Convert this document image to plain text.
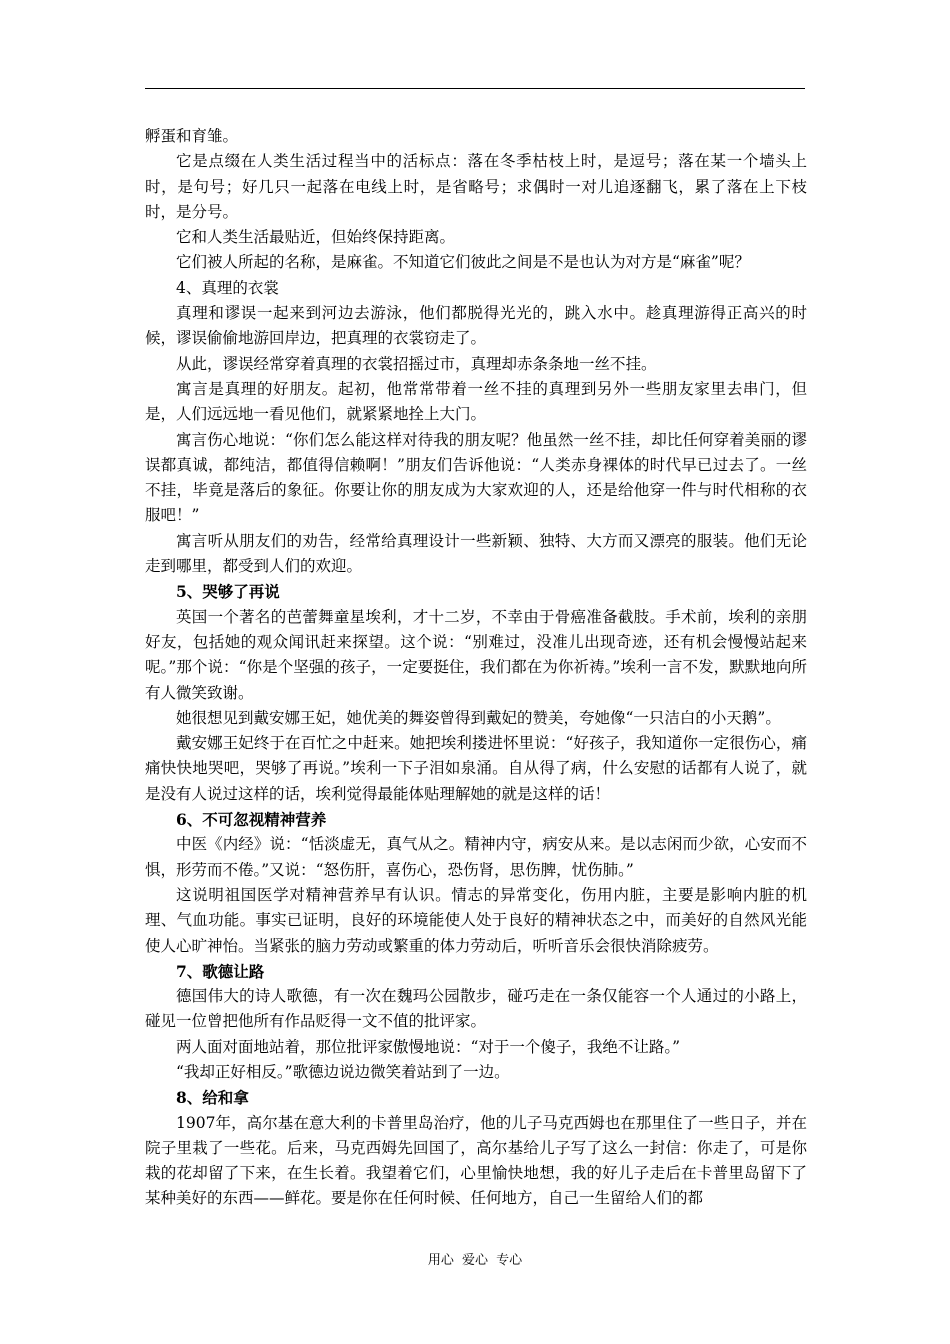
孵蛋和育雏。

它是点缀在人类生活过程当中的活标点：落在冬季枯枝上时，是逗号；落在某一个墙头上时，是句号；好几只一起落在电线上时，是省略号；求偶时一对儿追逐翻飞，累了落在上下枝时，是分号。

它和人类生活最贴近，但始终保持距离。

它们被人所起的名称，是麻雀。不知道它们彼此之间是不是也认为对方是“麻雀”呢？

4、真理的衣裳

真理和谬误一起来到河边去游泳，他们都脱得光光的，跳入水中。趁真理游得正高兴的时候，谬误偷偷地游回岸边，把真理的衣裳窃走了。

从此，谬误经常穿着真理的衣裳招摇过市，真理却赤条条地一丝不挂。

寓言是真理的好朋友。起初，他常常带着一丝不挂的真理到另外一些朋友家里去串门，但是，人们远远地一看见他们，就紧紧地拴上大门。

寓言伤心地说：“你们怎么能这样对待我的朋友呢？他虽然一丝不挂，却比任何穿着美丽的谬误都真诚，都纯洁，都值得信赖啊！”朋友们告诉他说：“人类赤身裸体的时代早已过去了。一丝不挂，毕竟是落后的象征。你要让你的朋友成为大家欢迎的人，还是给他穿一件与时代相称的衣服吧！”

寓言听从朋友们的劝告，经常给真理设计一些新颖、独特、大方而又漂亮的服装。他们无论走到哪里，都受到人们的欢迎。

5、哭够了再说

英国一个著名的芭蕾舞童星埃利，才十二岁，不幸由于骨癌准备截肢。手术前，埃利的亲朋好友，包括她的观众闻讯赶来探望。这个说：“别难过，没准儿出现奇迹，还有机会慢慢站起来呢。”那个说：“你是个坚强的孩子，一定要挺住，我们都在为你祈祷。”埃利一言不发，默默地向所有人微笑致谢。

她很想见到戴安娜王妃，她优美的舞姿曾得到戴妃的赞美，夸她像“一只洁白的小天鹅”。

戴安娜王妃终于在百忙之中赶来。她把埃利搂进怀里说：“好孩子，我知道你一定很伤心，痛痛快快地哭吧，哭够了再说。”埃利一下子泪如泉涌。自从得了病，什么安慰的话都有人说了，就是没有人说过这样的话，埃利觉得最能体贴理解她的就是这样的话！

6、不可忽视精神营养

中医《内经》说：“恬淡虚无，真气从之。精神内守，病安从来。是以志闲而少欲，心安而不惧，形劳而不倦。”又说：“怒伤肝，喜伤心，恐伤肾，思伤脾，忧伤肺。”

这说明祖国医学对精神营养早有认识。情志的异常变化，伤用内脏，主要是影响内脏的机理、气血功能。事实已证明，良好的环境能使人处于良好的精神状态之中，而美好的自然风光能使人心旷神怡。当紧张的脑力劳动或繁重的体力劳动后，听听音乐会很快消除疲劳。

7、歌德让路

德国伟大的诗人歌德，有一次在魏玛公园散步，碰巧走在一条仅能容一个人通过的小路上，碰见一位曾把他所有作品贬得一文不值的批评家。

两人面对面地站着，那位批评家傲慢地说：“对于一个傻子，我绝不让路。”

“我却正好相反。”歌德边说边微笑着站到了一边。

8、给和拿

1907年，高尔基在意大利的卡普里岛治疗，他的儿子马克西姆也在那里住了一些日子，并在院子里栽了一些花。后来，马克西姆先回国了，高尔基给儿子写了这么一封信：你走了，可是你栽的花却留了下来，在生长着。我望着它们，心里愉快地想，我的好儿子走后在卡普里岛留下了某种美好的东西——鲜花。要是你在任何时候、任何地方，自己一生留给人们的都

用心 爱心 专心
